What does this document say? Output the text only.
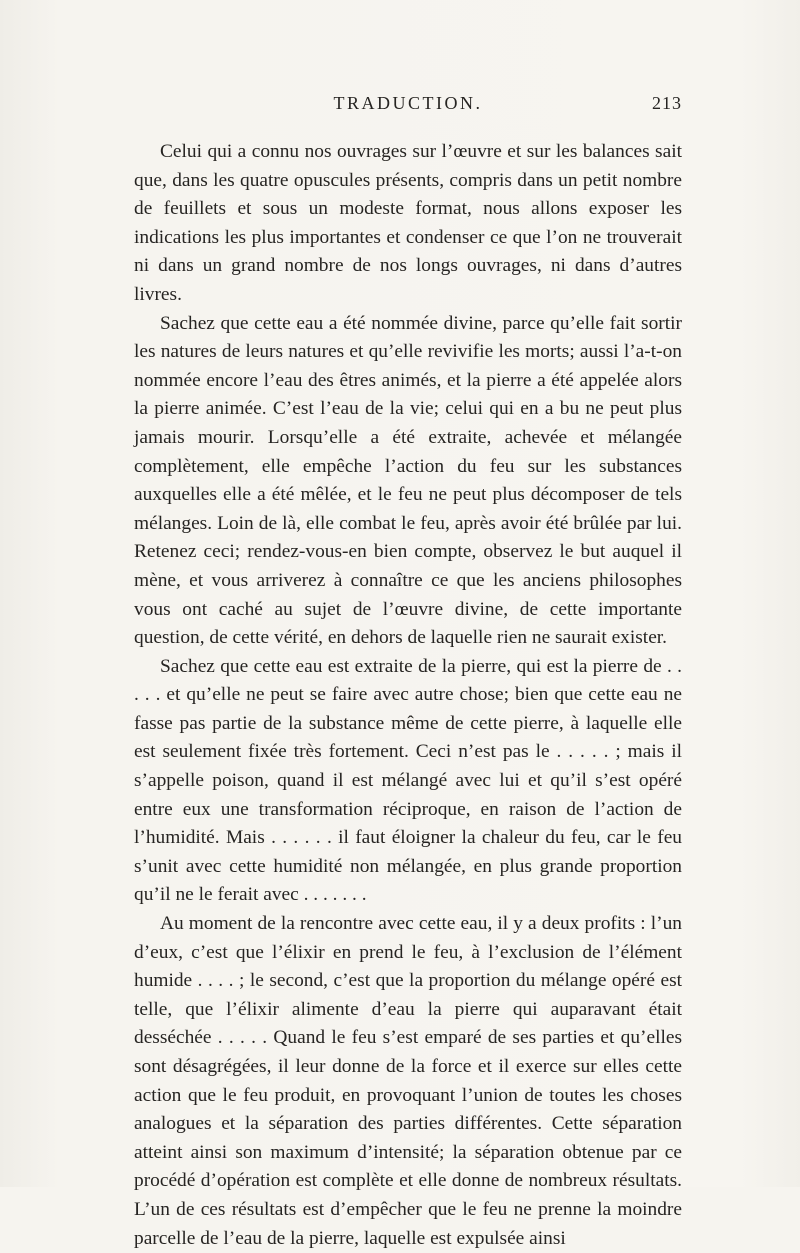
TRADUCTION.	213

Celui qui a connu nos ouvrages sur l’œuvre et sur les balances sait que, dans les quatre opuscules présents, compris dans un petit nombre de feuillets et sous un modeste format, nous allons exposer les indications les plus importantes et condenser ce que l’on ne trouverait ni dans un grand nombre de nos longs ouvrages, ni dans d’autres livres.

Sachez que cette eau a été nommée divine, parce qu’elle fait sortir les natures de leurs natures et qu’elle revivifie les morts; aussi l’a-t-on nommée encore l’eau des êtres animés, et la pierre a été appelée alors la pierre animée. C’est l’eau de la vie; celui qui en a bu ne peut plus jamais mourir. Lorsqu’elle a été extraite, achevée et mélangée complètement, elle empêche l’action du feu sur les substances auxquelles elle a été mêlée, et le feu ne peut plus décomposer de tels mélanges. Loin de là, elle combat le feu, après avoir été brûlée par lui. Retenez ceci; rendez-vous-en bien compte, observez le but auquel il mène, et vous arriverez à connaître ce que les anciens philosophes vous ont caché au sujet de l’œuvre divine, de cette importante question, de cette vérité, en dehors de laquelle rien ne saurait exister.

Sachez que cette eau est extraite de la pierre, qui est la pierre de . . . . . et qu’elle ne peut se faire avec autre chose; bien que cette eau ne fasse pas partie de la substance même de cette pierre, à laquelle elle est seulement fixée très fortement. Ceci n’est pas le . . . . . ; mais il s’appelle poison, quand il est mélangé avec lui et qu’il s’est opéré entre eux une transformation réciproque, en raison de l’action de l’humidité. Mais . . . . . . il faut éloigner la chaleur du feu, car le feu s’unit avec cette humidité non mélangée, en plus grande proportion qu’il ne le ferait avec . . . . . . .

Au moment de la rencontre avec cette eau, il y a deux profits : l’un d’eux, c’est que l’élixir en prend le feu, à l’exclusion de l’élément humide . . . . ; le second, c’est que la proportion du mélange opéré est telle, que l’élixir alimente d’eau la pierre qui auparavant était desséchée . . . . . Quand le feu s’est emparé de ses parties et qu’elles sont désagrégées, il leur donne de la force et il exerce sur elles cette action que le feu produit, en provoquant l’union de toutes les choses analogues et la séparation des parties différentes. Cette séparation atteint ainsi son maximum d’intensité; la séparation obtenue par ce procédé d’opération est complète et elle donne de nombreux résultats. L’un de ces résultats est d’empêcher que le feu ne prenne la moindre parcelle de l’eau de la pierre, laquelle est expulsée ainsi
